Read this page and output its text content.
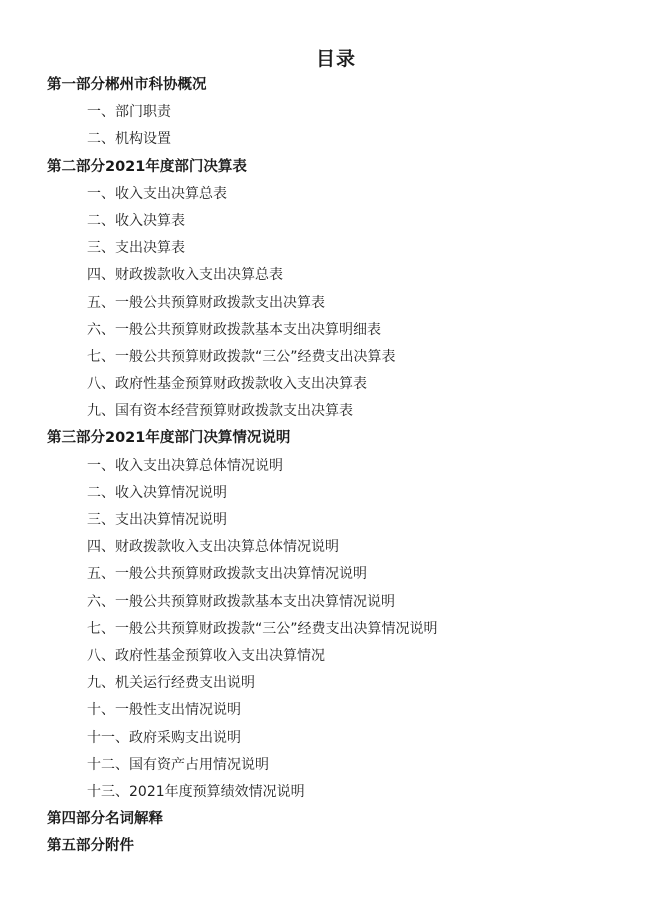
目录
第一部分郴州市科协概况
一、部门职责
二、机构设置
第二部分2021年度部门决算表
一、收入支出决算总表
二、收入决算表
三、支出决算表
四、财政拨款收入支出决算总表
五、一般公共预算财政拨款支出决算表
六、一般公共预算财政拨款基本支出决算明细表
七、一般公共预算财政拨款“三公”经费支出决算表
八、政府性基金预算财政拨款收入支出决算表
九、国有资本经营预算财政拨款支出决算表
第三部分2021年度部门决算情况说明
一、收入支出决算总体情况说明
二、收入决算情况说明
三、支出决算情况说明
四、财政拨款收入支出决算总体情况说明
五、一般公共预算财政拨款支出决算情况说明
六、一般公共预算财政拨款基本支出决算情况说明
七、一般公共预算财政拨款“三公”经费支出决算情况说明
八、政府性基金预算收入支出决算情况
九、机关运行经费支出说明
十、一般性支出情况说明
十一、政府采购支出说明
十二、国有资产占用情况说明
十三、2021年度预算绩效情况说明
第四部分名词解释
第五部分附件
